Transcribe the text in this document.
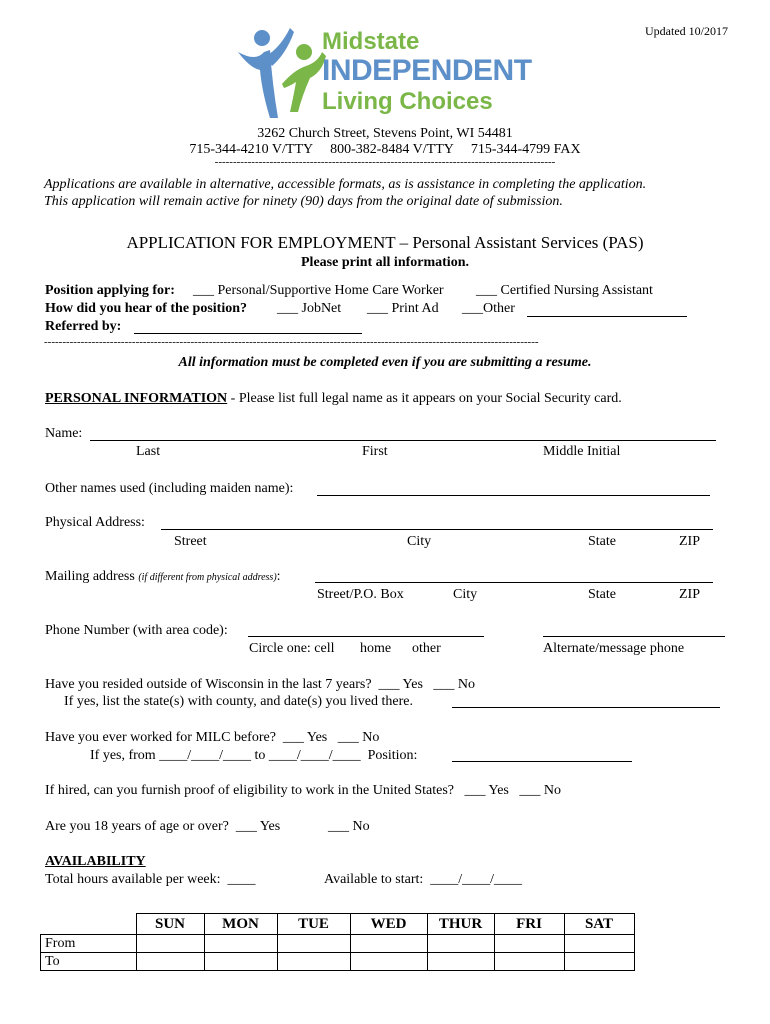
Updated 10/2017
Midstate
INDEPENDENT
Living Choices
3262 Church Street, Stevens Point, WI 54481
715-344-4210 V/TTY     800-382-8484 V/TTY     715-344-4799 FAX
---------------------------------------------------------------------------------------------
Applications are available in alternative, accessible formats, as is assistance in completing the application.
This application will remain active for ninety (90) days from the original date of submission.
APPLICATION FOR EMPLOYMENT – Personal Assistant Services (PAS)
Please print all information.
Position applying for: ___ Personal/Supportive Home Care Worker ___ Certified Nursing Assistant
How did you hear of the position? ___ JobNet ___ Print Ad ___Other
Referred by:
---------------------------------------------------------------------------------------------------------------------------------------
All information must be completed even if you are submitting a resume.
PERSONAL INFORMATION - Please list full legal name as it appears on your Social Security card.
Name:
Last	First	Middle Initial
Other names used (including maiden name):
Physical Address:
Street	City	State	ZIP
Mailing address (if different from physical address):
Street/P.O. Box	City	State	ZIP
Phone Number (with area code):
Circle one: cell home other	Alternate/message phone
Have you resided outside of Wisconsin in the last 7 years?  ___ Yes   ___ No
If yes, list the state(s) with county, and date(s) you lived there.
Have you ever worked for MILC before?  ___ Yes   ___ No
If yes, from ____/____/____ to ____/____/____  Position:
If hired, can you furnish proof of eligibility to work in the United States?   ___ Yes   ___ No
Are you 18 years of age or over?  ___ Yes	___ No
AVAILABILITY
Total hours available per week:  ____	Available to start:  ____/____/____
	SUN	MON	TUE	WED	THUR	FRI	SAT
From							
To							
